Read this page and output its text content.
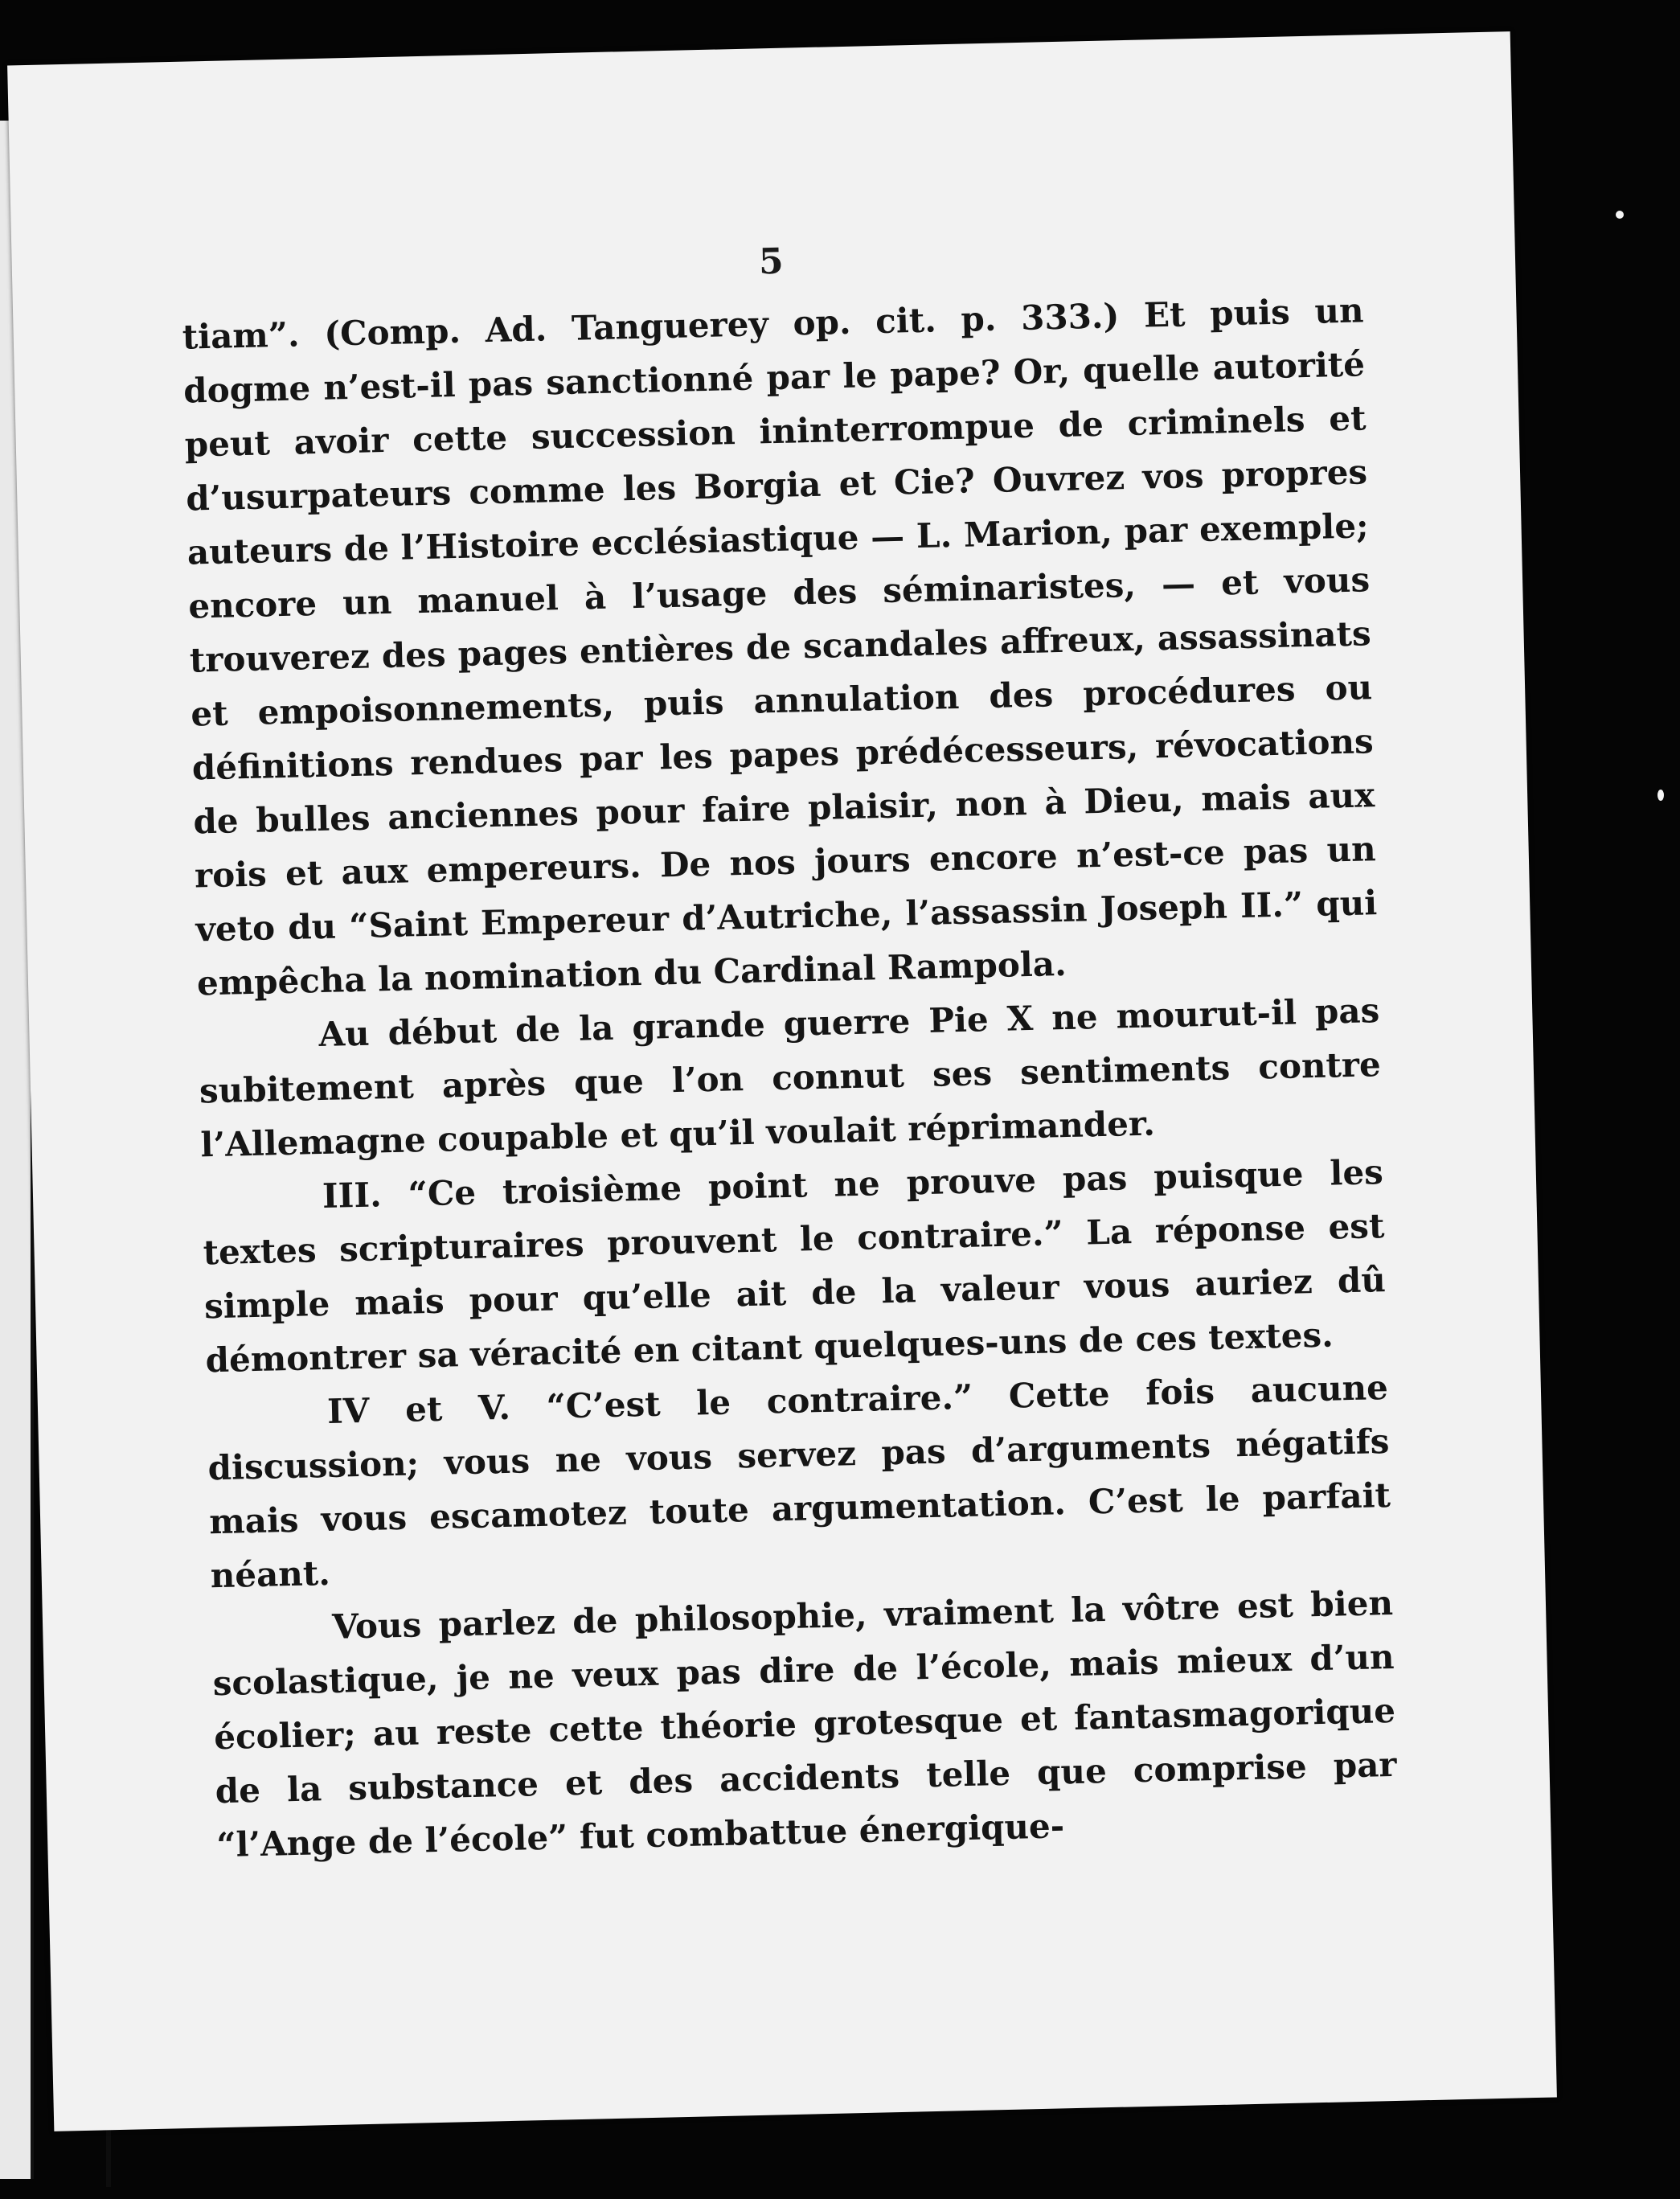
5

tiam”. (Comp. Ad. Tanguerey op. cit. p. 333.) Et puis un dogme n’est-il pas sanctionné par le pape? Or, quelle autorité peut avoir cette succession ininterrompue de criminels et d’usurpateurs comme les Borgia et Cie? Ouvrez vos propres auteurs de l’Histoire ecclésiastique — L. Marion, par exemple; encore un manuel à l’usage des séminaristes, — et vous trouverez des pages entières de scandales affreux, assassinats et empoisonnements, puis annulation des procédures ou définitions rendues par les papes prédécesseurs, révocations de bulles anciennes pour faire plaisir, non à Dieu, mais aux rois et aux empereurs. De nos jours encore n’est-ce pas un veto du “Saint Empereur d’Autriche, l’assassin Joseph II.” qui empêcha la nomination du Cardinal Rampola.

Au début de la grande guerre Pie X ne mourut-il pas subitement après que l’on connut ses sentiments contre l’Allemagne coupable et qu’il voulait réprimander.

III. “Ce troisième point ne prouve pas puisque les textes scripturaires prouvent le contraire.” La réponse est simple mais pour qu’elle ait de la valeur vous auriez dû démontrer sa véracité en citant quelques-uns de ces textes.

IV et V. “C’est le contraire.” Cette fois aucune discussion; vous ne vous servez pas d’arguments négatifs mais vous escamotez toute argumentation. C’est le parfait néant.

Vous parlez de philosophie, vraiment la vôtre est bien scolastique, je ne veux pas dire de l’école, mais mieux d’un écolier; au reste cette théorie grotesque et fantasmagorique de la substance et des accidents telle que comprise par “l’Ange de l’école” fut combattue énergique-
